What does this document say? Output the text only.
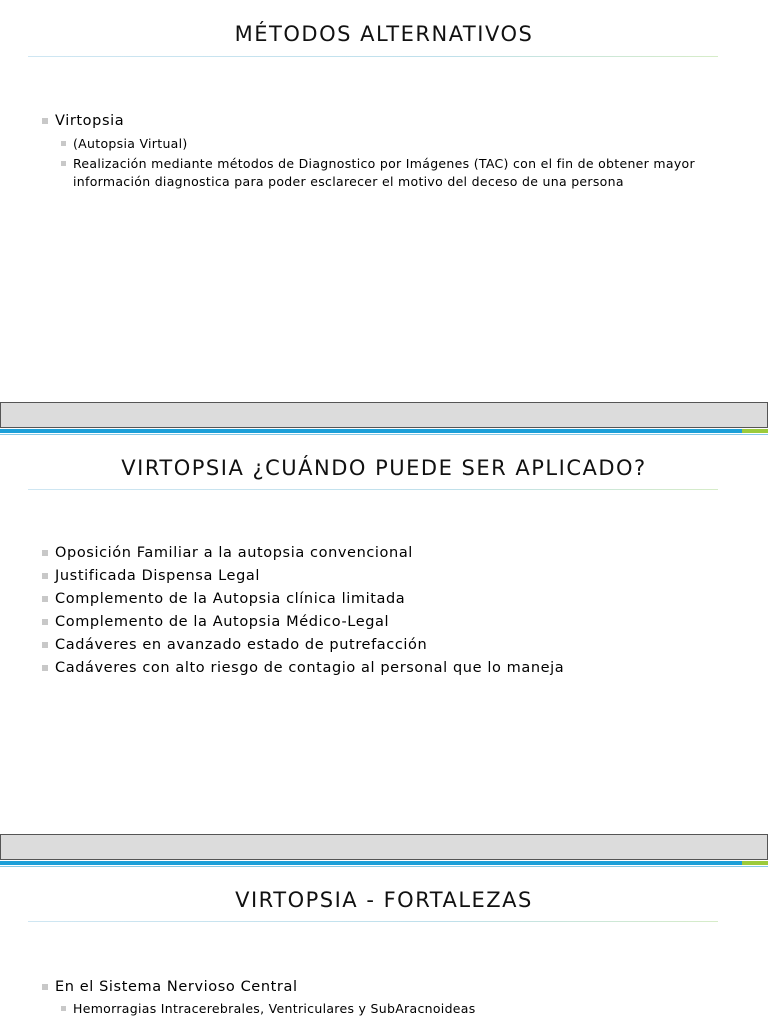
MÉTODOS ALTERNATIVOS
Virtopsia
(Autopsia Virtual)
Realización mediante métodos de Diagnostico por Imágenes (TAC) con el fin de obtener mayor información diagnostica para poder esclarecer el motivo del deceso de una persona
VIRTOPSIA ¿CUÁNDO PUEDE SER APLICADO?
Oposición Familiar a la autopsia convencional
Justificada Dispensa Legal
Complemento de la Autopsia clínica limitada
Complemento de la Autopsia Médico-Legal
Cadáveres en avanzado estado de putrefacción
Cadáveres con alto riesgo de contagio al personal que lo maneja
VIRTOPSIA - FORTALEZAS
En el Sistema Nervioso Central
Hemorragias Intracerebrales, Ventriculares y SubAracnoideas
